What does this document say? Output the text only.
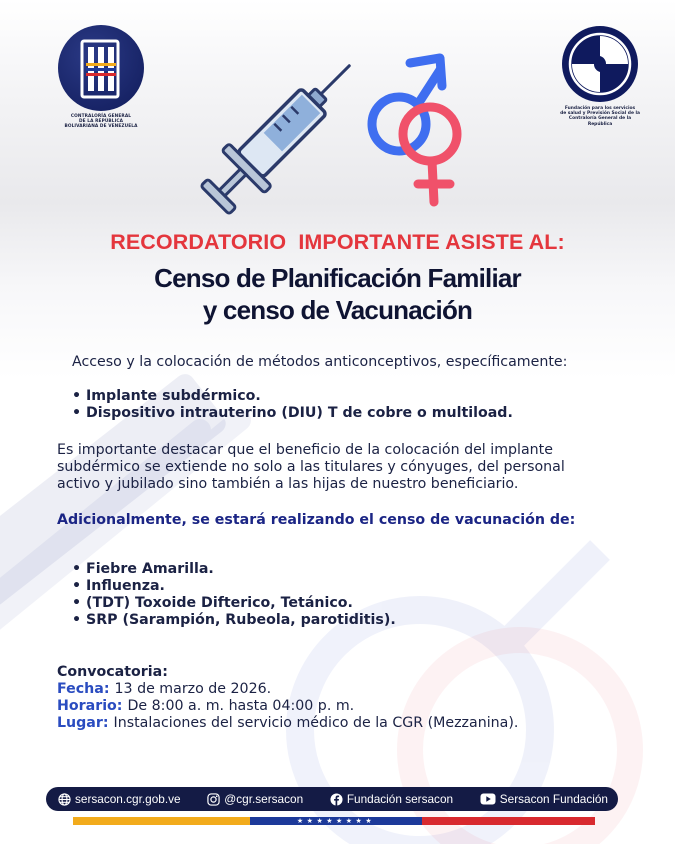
CONTRALORÍA GENERAL
DE LA REPÚBLICA
BOLIVARIANA DE VENEZUELA
Fundación para los servicios
de salud y Previsión Social de la
Contraloría General de la República
RECORDATORIO  IMPORTANTE ASISTE AL:
Censo de Planificación Familiar
y censo de Vacunación

Acceso y la colocación de métodos anticonceptivos, específicamente:

• Implante subdérmico.
• Dispositivo intrauterino (DIU) T de cobre o multiload.
Es importante destacar que el beneficio de la colocación del implante
subdérmico se extiende no solo a las titulares y cónyuges, del personal
activo y jubilado sino también a las hijas de nuestro beneficiario.

Adicionalmente, se estará realizando el censo de vacunación de:

• Fiebre Amarilla.
• Influenza.
• (TDT) Toxoide Difterico, Tetánico.
• SRP (Sarampión, Rubeola, parotiditis).
Convocatoria:
Fecha: 13 de marzo de 2026.
Horario: De 8:00 a. m. hasta 04:00 p. m.
Lugar: Instalaciones del servicio médico de la CGR (Mezzanina).
sersacon.cgr.gob.ve	@cgr.sersacon	Fundación sersacon	Sersacon Fundación
★★★★★★★★
